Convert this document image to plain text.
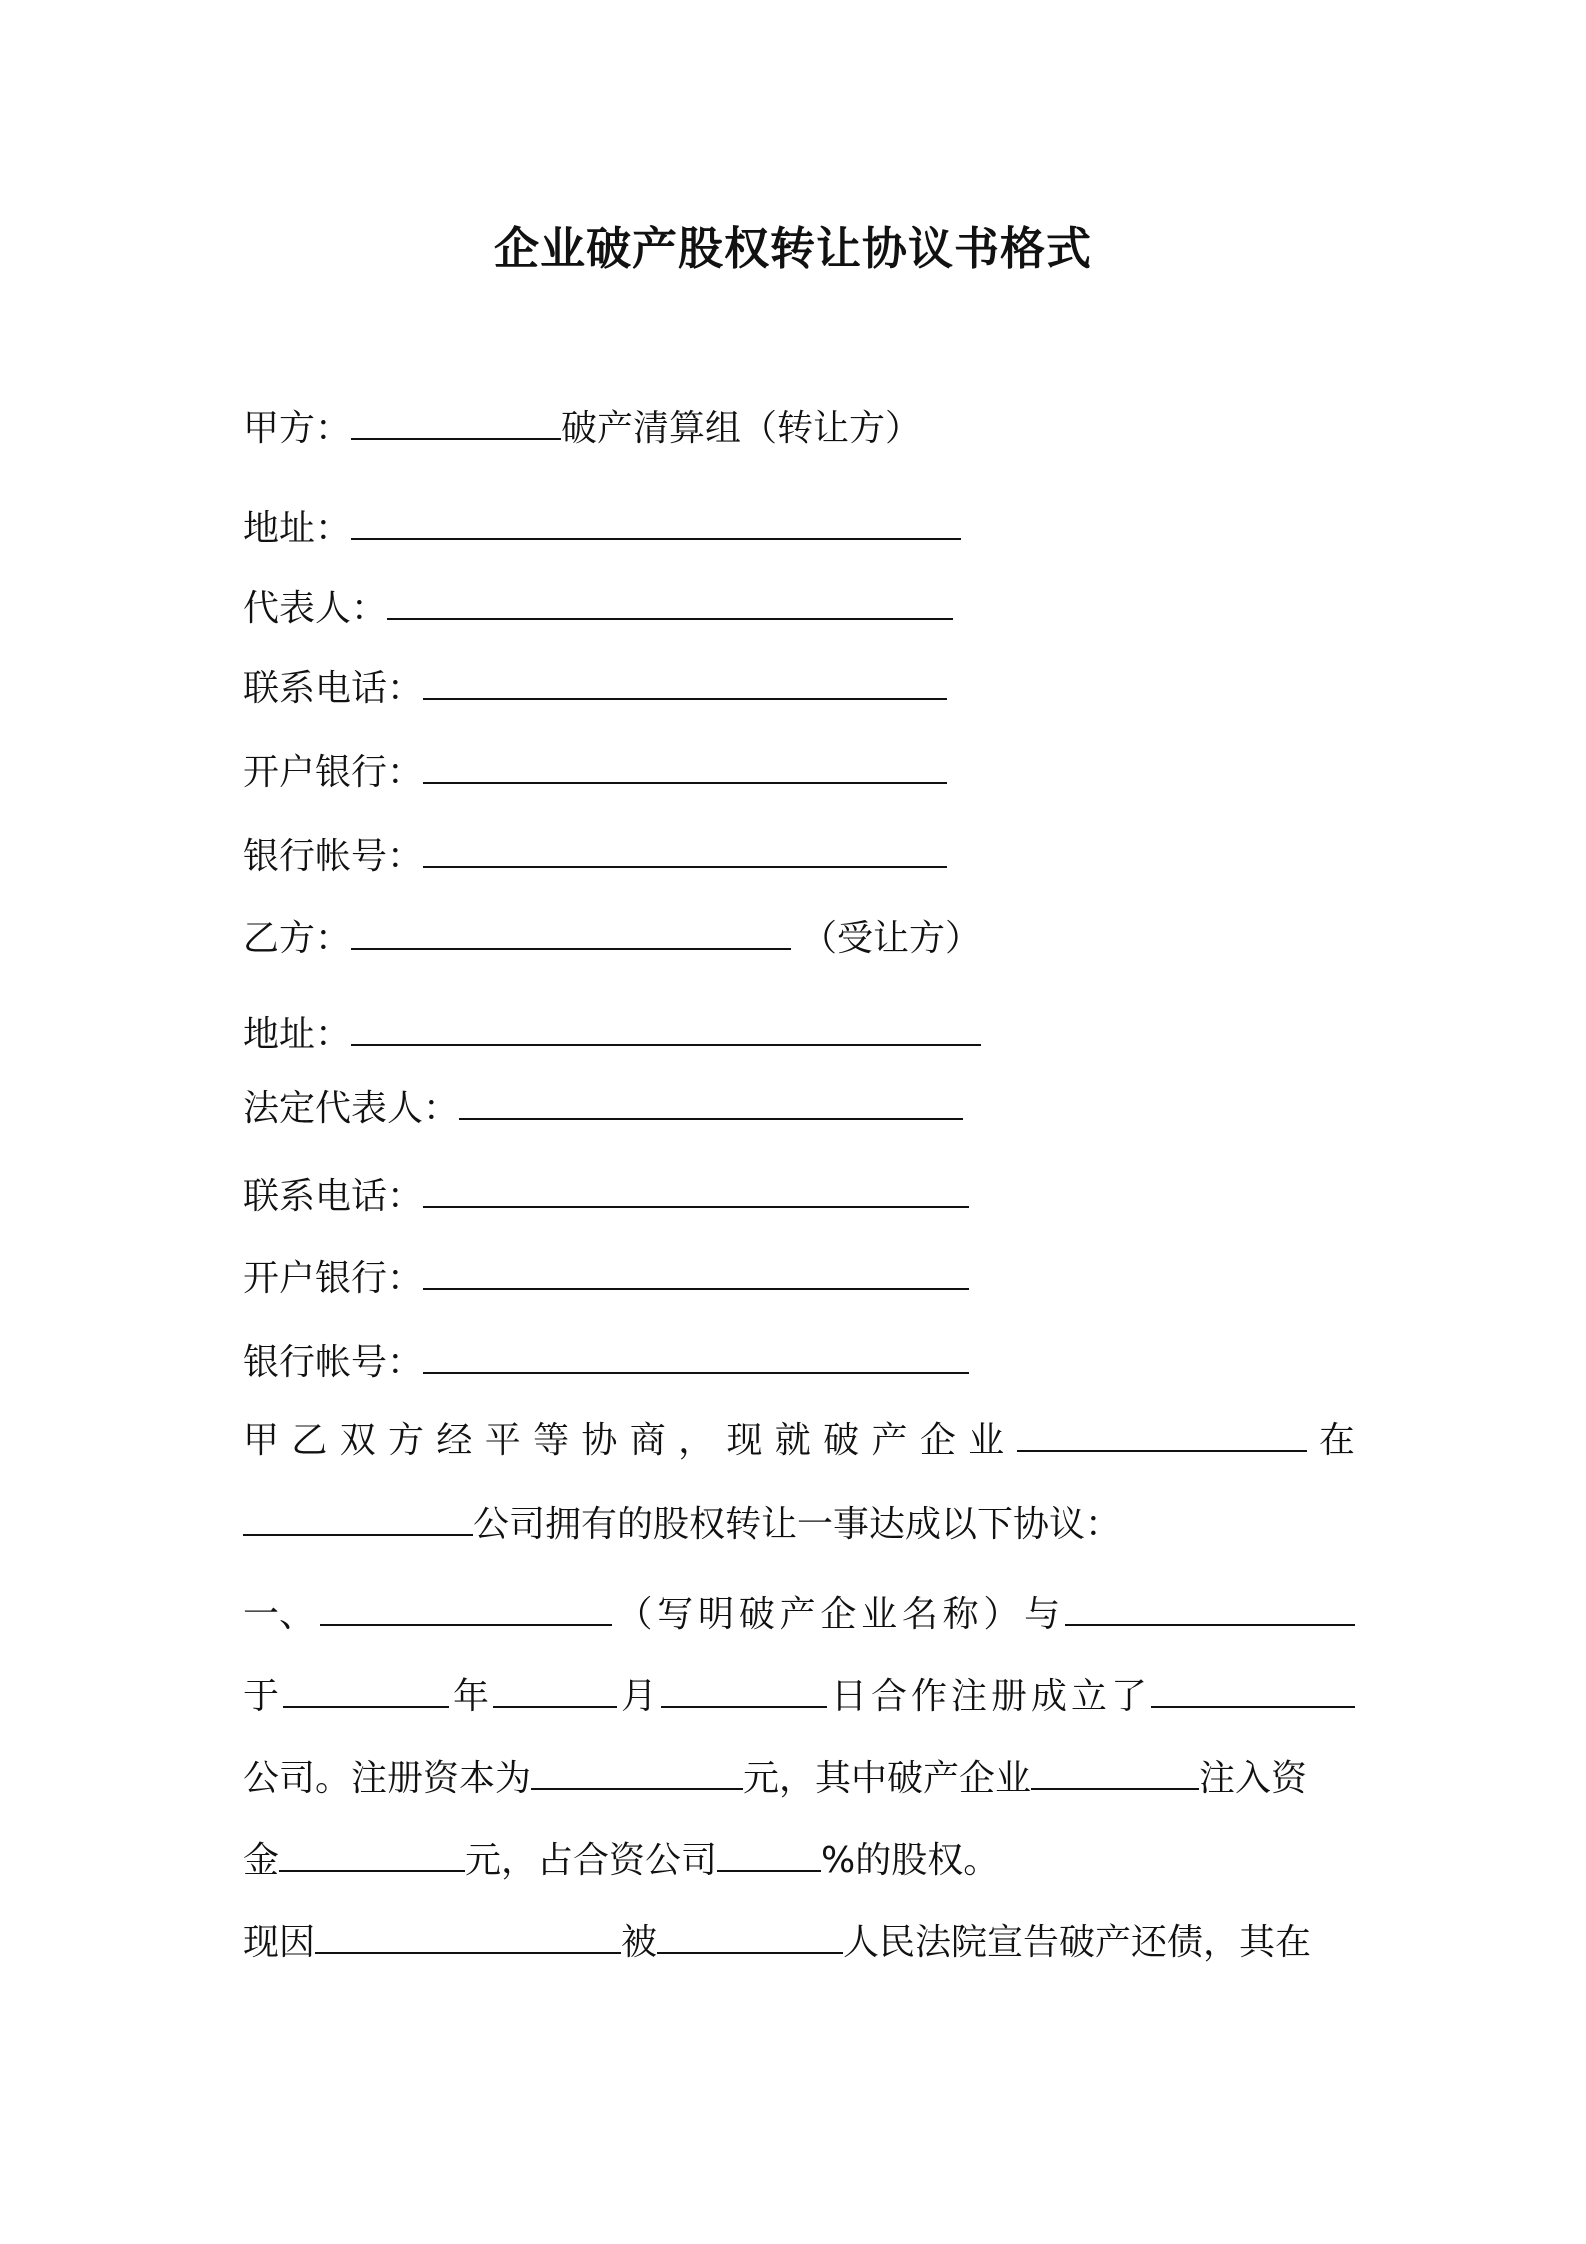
企业破产股权转让协议书格式
甲方：	破产清算组（转让方）
地址：
代表人：
联系电话：
开户银行：
银行帐号：
乙方：	（受让方）
地址：
法定代表人：
联系电话：
开户银行：
银行帐号：
甲 乙 双 方 经 平 等 协 商 ， 现 就 破 产 企 业	在
公司拥有的股权转让一事达成以下协议：
一、	（ 写 明 破 产 企 业 名 称 ） 与
于	年	月	日 合 作 注 册 成 立 了
公司。注册资本为	元，其中破产企业	注入资
金	元，占合资公司	%的股权。
现因	被	人民法院宣告破产还债，其在
